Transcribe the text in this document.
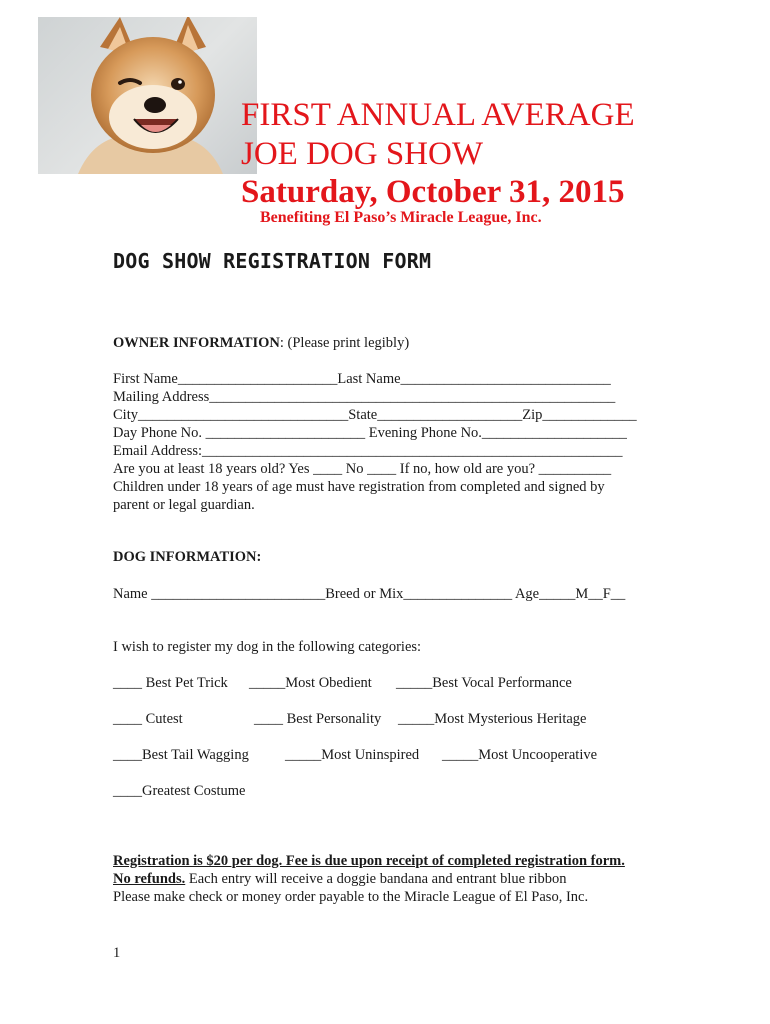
FIRST ANNUAL AVERAGE
JOE DOG SHOW
Saturday, October 31, 2015
Benefiting El Paso’s Miracle League, Inc.
DOG SHOW REGISTRATION FORM
OWNER INFORMATION: (Please print legibly)
First Name______________________Last Name_____________________________
Mailing Address________________________________________________________
City_____________________________State____________________Zip_____________
Day Phone No. ______________________ Evening Phone No.____________________
Email Address:__________________________________________________________
Are you at least 18 years old? Yes ____ No ____ If no, how old are you? __________
Children under 18 years of age must have registration from completed and signed by
parent or legal guardian.
DOG INFORMATION:
Name ________________________Breed or Mix_______________ Age_____M__F__
I wish to register my dog in the following categories:
____ Best Pet Trick _____Most Obedient _____Best Vocal Performance
____ Cutest	____ Best Personality _____Most Mysterious Heritage
____Best Tail Wagging _____Most Uninspired _____Most Uncooperative
____Greatest Costume
Registration is $20 per dog. Fee is due upon receipt of completed registration form.
No refunds. Each entry will receive a doggie bandana and entrant blue ribbon
Please make check or money order payable to the Miracle League of El Paso, Inc.
1
